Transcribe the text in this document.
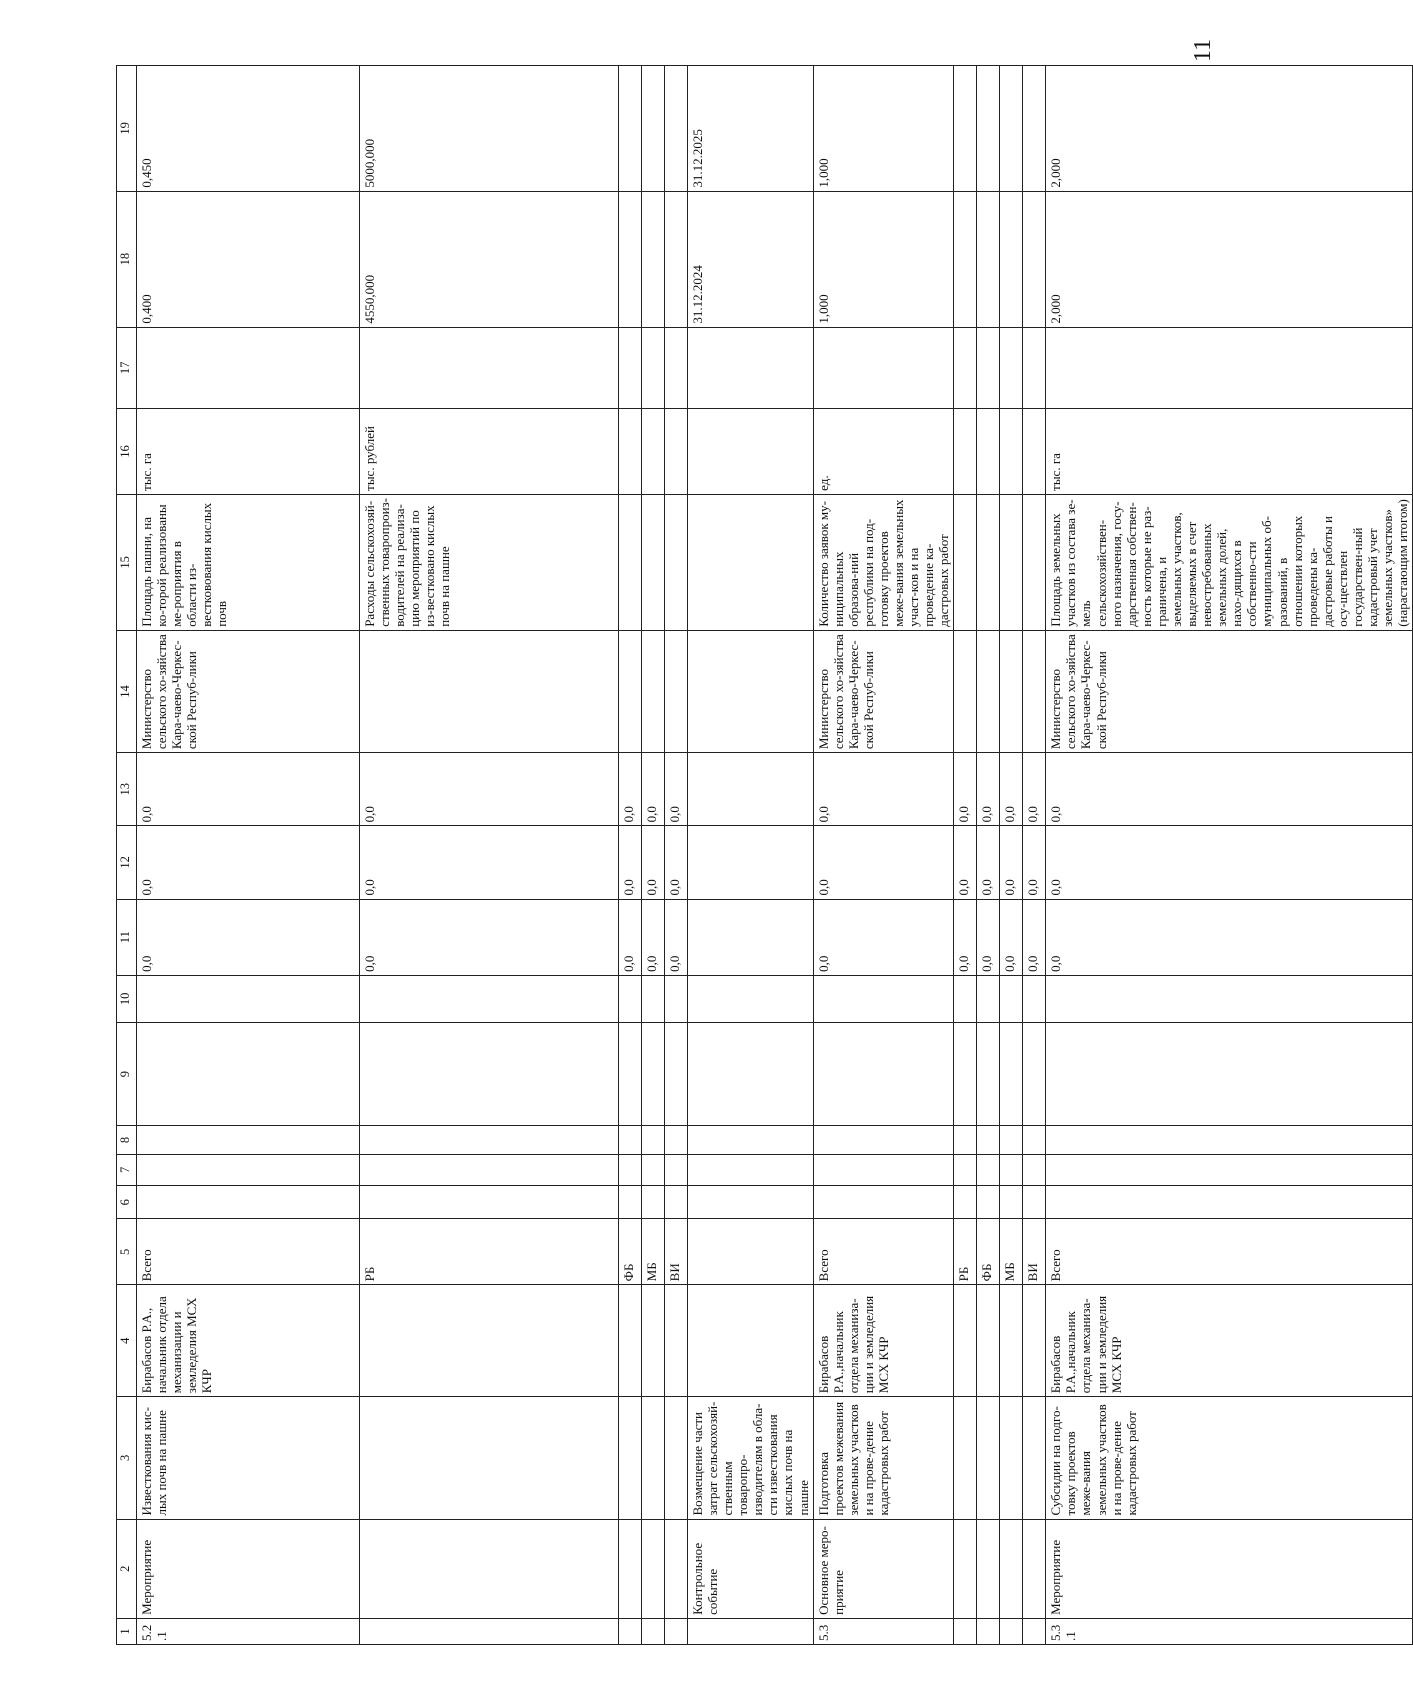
11
1	2	3	4	5	6	7	8	9	10	11	12	13	14	15	16	17	18	19
5.2.1	Мероприятие	Известкования кис-лых почв на пашне	Бирабасов Р.А., начальник отдела механизации и земледелия МСХ КЧР	Всего						0,0	0,0	0,0	Министерство сельского хо-зяйства Кара-чаево-Черкес-ской Респуб-лики	Площадь пашни, на ко-торой реализованы ме-роприятия в области из-вестковования кислых почв	тыс. га		0,400	0,450
				РБ						0,0	0,0	0,0		Расходы сельскохозяй-ственных товаропроиз-водителей на реализа-цию мероприятий по из-вестковано кислых почв на пашне	тыс. рублей		4550,000	5000,000
				ФБ						0,0	0,0	0,0						
				МБ						0,0	0,0	0,0						
				ВИ						0,0	0,0	0,0						
	Контрольное событие	Возмещение части затрат сельскохозяй-ственным товаропро-изводителям в обла-сти известкования кислых почв на пашне															31.12.2024	31.12.2025
5.3	Основное меро-приятие	Подготовка проектов межевания земельных участков и на прове-дение кадастровых работ	Бирабасов Р.А.,начальник отдела механиза-ции и земледелия МСХ КЧР	Всего						0,0	0,0	0,0	Министерство сельского хо-зяйства Кара-чаево-Черкес-ской Респуб-лики	Количество заявок му-ниципальных образова-ний республики на под-готовку проектов меже-вания земельных участ-ков и на проведение ка-дастровых работ	ед.		1,000	1,000
				РБ						0,0	0,0	0,0						
				ФБ						0,0	0,0	0,0						
				МБ						0,0	0,0	0,0						
				ВИ						0,0	0,0	0,0						
5.3.1	Мероприятие	Субсидии на подго-товку проектов меже-вания земельных участков и на прове-дение кадастровых работ	Бирабасов Р.А.,начальник отдела механиза-ции и земледелия МСХ КЧР	Всего						0,0	0,0	0,0	Министерство сельского хо-зяйства Кара-чаево-Черкес-ской Респуб-лики	Площадь земельных участков из состава зе-мель сельскохозяйствен-ного назначения, госу-дарственная собствен-ность которые не раз-граничена, и земельных участков, выделяемых в счет невостребованных земельных долей, нахо-дящихся в собственно-сти муниципальных об-разований, в отношении которых проведены ка-дастровые работы и осу-ществлен государствен-ный кадастровый учет земельных участков» (нарастающим итогом)	тыс. га		2,000	2,000
